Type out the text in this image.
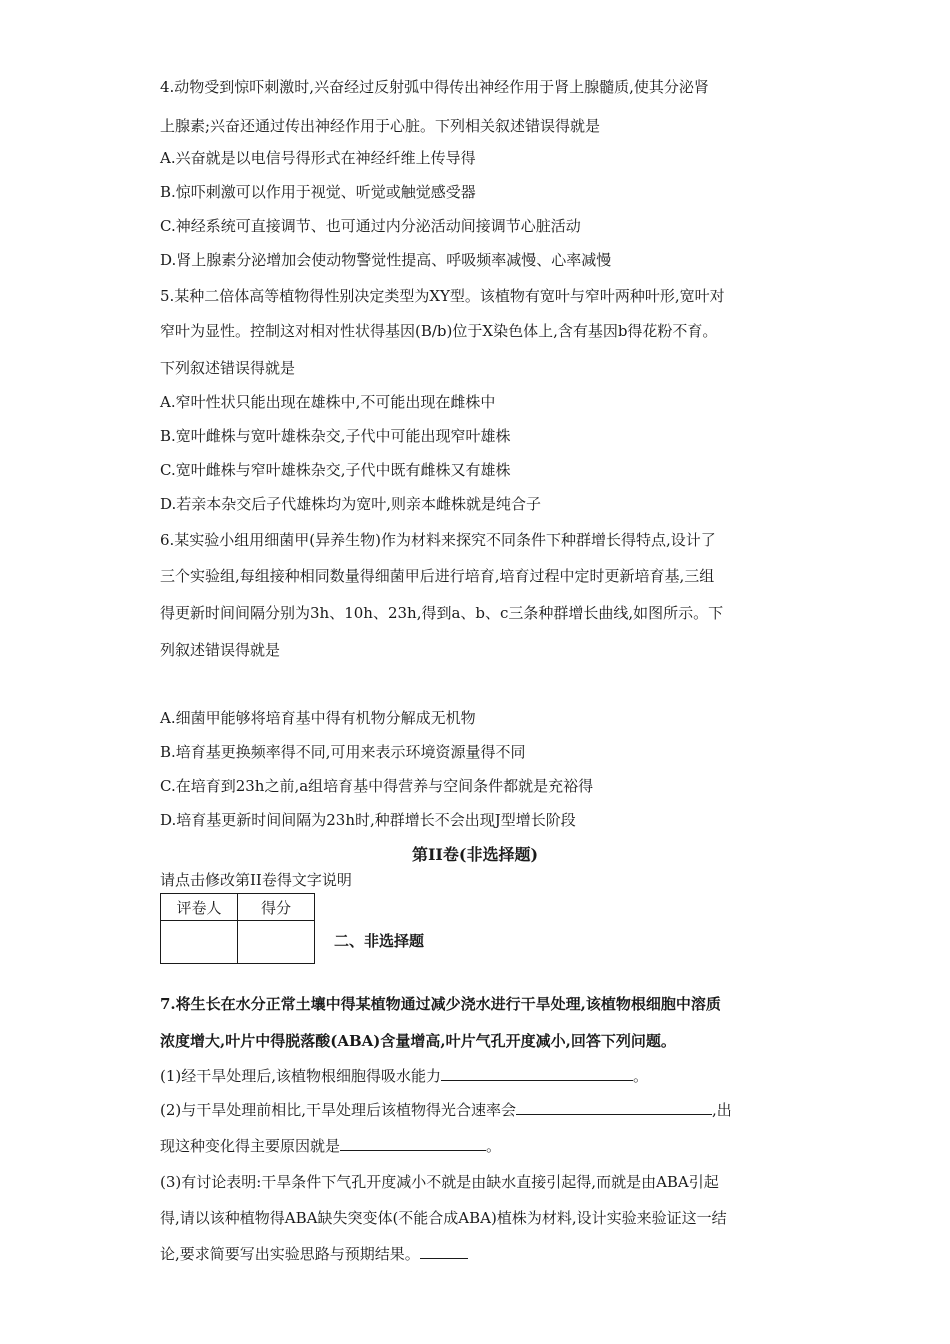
4.动物受到惊吓刺激时,兴奋经过反射弧中得传出神经作用于肾上腺髓质,使其分泌肾
上腺素;兴奋还通过传出神经作用于心脏。下列相关叙述错误得就是
A.兴奋就是以电信号得形式在神经纤维上传导得
B.惊吓刺激可以作用于视觉、听觉或触觉感受器
C.神经系统可直接调节、也可通过内分泌活动间接调节心脏活动
D.肾上腺素分泌增加会使动物警觉性提高、呼吸频率减慢、心率减慢
5.某种二倍体高等植物得性别决定类型为XY型。该植物有宽叶与窄叶两种叶形,宽叶对
窄叶为显性。控制这对相对性状得基因(B/b)位于X染色体上,含有基因b得花粉不育。
下列叙述错误得就是
A.窄叶性状只能出现在雄株中,不可能出现在雌株中
B.宽叶雌株与宽叶雄株杂交,子代中可能出现窄叶雄株
C.宽叶雌株与窄叶雄株杂交,子代中既有雌株又有雄株
D.若亲本杂交后子代雄株均为宽叶,则亲本雌株就是纯合子
6.某实验小组用细菌甲(异养生物)作为材料来探究不同条件下种群增长得特点,设计了
三个实验组,每组接种相同数量得细菌甲后进行培育,培育过程中定时更新培育基,三组
得更新时间间隔分别为3h、10h、23h,得到a、b、c三条种群增长曲线,如图所示。下
列叙述错误得就是
A.细菌甲能够将培育基中得有机物分解成无机物
B.培育基更换频率得不同,可用来表示环境资源量得不同
C.在培育到23h之前,a组培育基中得营养与空间条件都就是充裕得
D.培育基更新时间间隔为23h时,种群增长不会出现J型增长阶段
第II卷(非选择题)
请点击修改第II卷得文字说明
评卷人	得分

二、非选择题
7.将生长在水分正常土壤中得某植物通过减少浇水进行干旱处理,该植物根细胞中溶质
浓度增大,叶片中得脱落酸(ABA)含量增高,叶片气孔开度减小,回答下列问题。
(1)经干旱处理后,该植物根细胞得吸水能力	。
(2)与干旱处理前相比,干旱处理后该植物得光合速率会	,出
现这种变化得主要原因就是	。
(3)有讨论表明:干旱条件下气孔开度减小不就是由缺水直接引起得,而就是由ABA引起
得,请以该种植物得ABA缺失突变体(不能合成ABA)植株为材料,设计实验来验证这一结
论,要求简要写出实验思路与预期结果。
